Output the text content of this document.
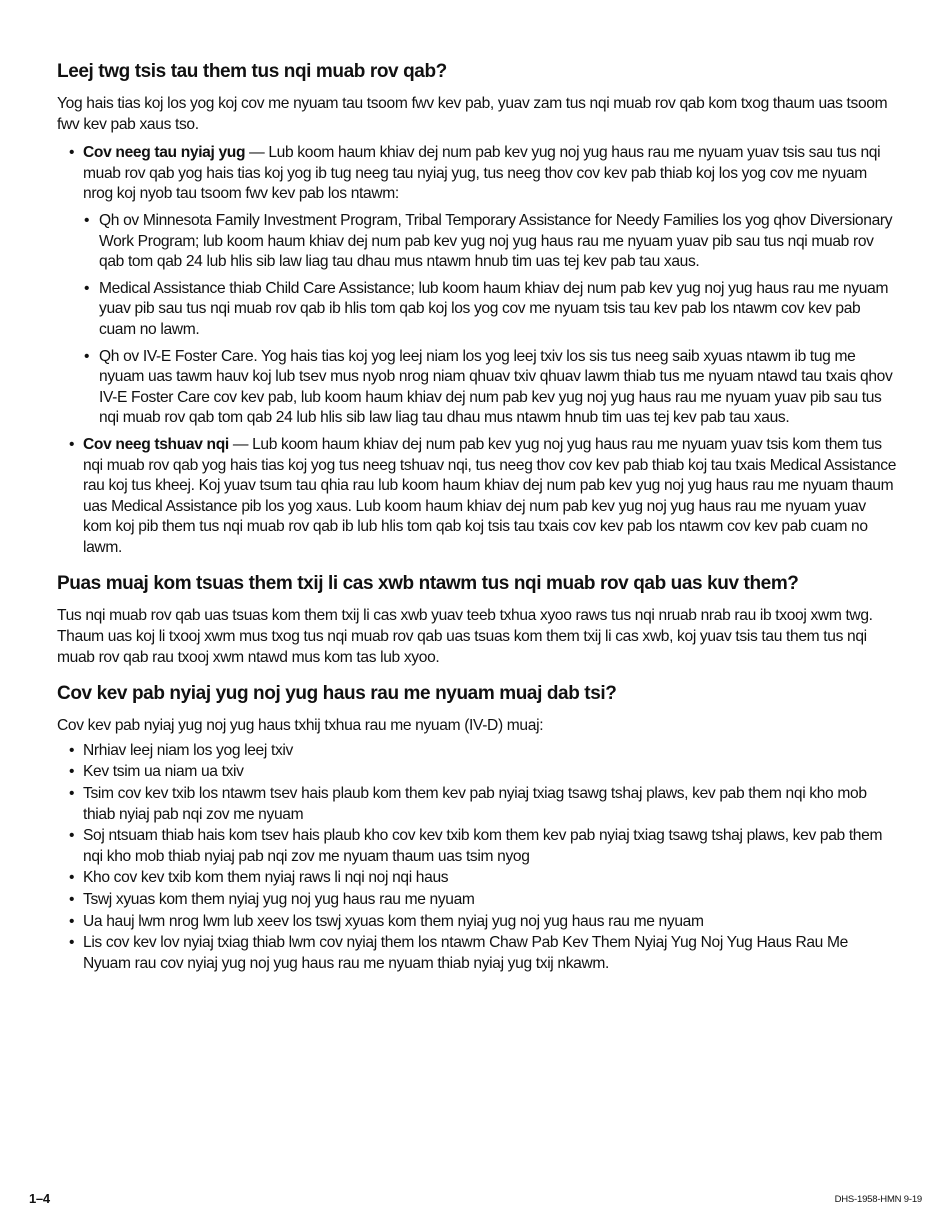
Leej twg tsis tau them tus nqi muab rov qab?

Yog hais tias koj los yog koj cov me nyuam tau tsoom fwv kev pab, yuav zam tus nqi muab rov qab kom txog thaum uas tsoom fwv kev pab xaus tso.

• Cov neeg tau nyiaj yug — Lub koom haum khiav dej num pab kev yug noj yug haus rau me nyuam yuav tsis sau tus nqi muab rov qab yog hais tias koj yog ib tug neeg tau nyiaj yug, tus neeg thov cov kev pab thiab koj los yog cov me nyuam nrog koj nyob tau tsoom fwv kev pab los ntawm:
• Qh ov Minnesota Family Investment Program, Tribal Temporary Assistance for Needy Families los yog qhov Diversionary Work Program; lub koom haum khiav dej num pab kev yug noj yug haus rau me nyuam yuav pib sau tus nqi muab rov qab tom qab 24 lub hlis sib law liag tau dhau mus ntawm hnub tim uas tej kev pab tau xaus.
• Medical Assistance thiab Child Care Assistance; lub koom haum khiav dej num pab kev yug noj yug haus rau me nyuam yuav pib sau tus nqi muab rov qab ib hlis tom qab koj los yog cov me nyuam tsis tau kev pab los ntawm cov kev pab cuam no lawm.
• Qh ov IV-E Foster Care. Yog hais tias koj yog leej niam los yog leej txiv los sis tus neeg saib xyuas ntawm ib tug me nyuam uas tawm hauv koj lub tsev mus nyob nrog niam qhuav txiv qhuav lawm thiab tus me nyuam ntawd tau txais qhov IV-E Foster Care cov kev pab, lub koom haum khiav dej num pab kev yug noj yug haus rau me nyuam yuav pib sau tus nqi muab rov qab tom qab 24 lub hlis sib law liag tau dhau mus ntawm hnub tim uas tej kev pab tau xaus.
• Cov neeg tshuav nqi — Lub koom haum khiav dej num pab kev yug noj yug haus rau me nyuam yuav tsis kom them tus nqi muab rov qab yog hais tias koj yog tus neeg tshuav nqi, tus neeg thov cov kev pab thiab koj tau txais Medical Assistance rau koj tus kheej. Koj yuav tsum tau qhia rau lub koom haum khiav dej num pab kev yug noj yug haus rau me nyuam thaum uas Medical Assistance pib los yog xaus. Lub koom haum khiav dej num pab kev yug noj yug haus rau me nyuam yuav kom koj pib them tus nqi muab rov qab ib lub hlis tom qab koj tsis tau txais cov kev pab los ntawm cov kev pab cuam no lawm.
Puas muaj kom tsuas them txij li cas xwb ntawm tus nqi muab rov qab uas kuv them?

Tus nqi muab rov qab uas tsuas kom them txij li cas xwb yuav teeb txhua xyoo raws tus nqi nruab nrab rau ib txooj xwm twg. Thaum uas koj li txooj xwm mus txog tus nqi muab rov qab uas tsuas kom them txij li cas xwb, koj yuav tsis tau them tus nqi muab rov qab rau txooj xwm ntawd mus kom tas lub xyoo.

Cov kev pab nyiaj yug noj yug haus rau me nyuam muaj dab tsi?

Cov kev pab nyiaj yug noj yug haus txhij txhua rau me nyuam (IV-D) muaj:

• Nrhiav leej niam los yog leej txiv
• Kev tsim ua niam ua txiv
• Tsim cov kev txib los ntawm tsev hais plaub kom them kev pab nyiaj txiag tsawg tshaj plaws, kev pab them nqi kho mob thiab nyiaj pab nqi zov me nyuam
• Soj ntsuam thiab hais kom tsev hais plaub kho cov kev txib kom them kev pab nyiaj txiag tsawg tshaj plaws, kev pab them nqi kho mob thiab nyiaj pab nqi zov me nyuam thaum uas tsim nyog
• Kho cov kev txib kom them nyiaj raws li nqi noj nqi haus
• Tswj xyuas kom them nyiaj yug noj yug haus rau me nyuam
• Ua hauj lwm nrog lwm lub xeev los tswj xyuas kom them nyiaj yug noj yug haus rau me nyuam
• Lis cov kev lov nyiaj txiag thiab lwm cov nyiaj them los ntawm Chaw Pab Kev Them Nyiaj Yug Noj Yug Haus Rau Me Nyuam rau cov nyiaj yug noj yug haus rau me nyuam thiab nyiaj yug txij nkawm.
1–4	DHS-1958-HMN 9-19
